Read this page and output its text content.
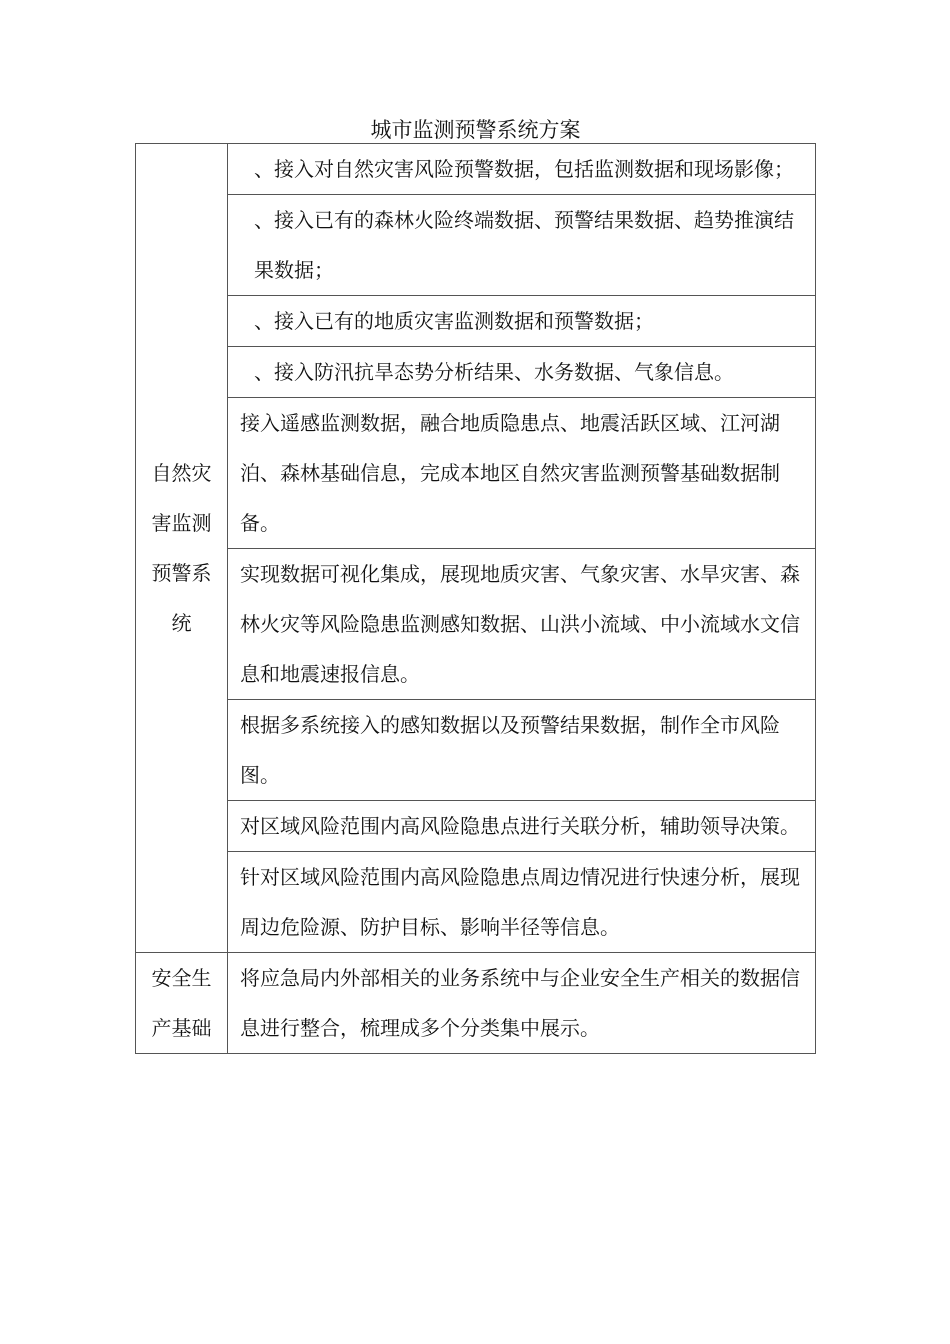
城市监测预警系统方案
自然灾害监测预警系统	、接入对自然灾害风险预警数据，包括监测数据和现场影像；
	、接入已有的森林火险终端数据、预警结果数据、趋势推演结果数据；
	、接入已有的地质灾害监测数据和预警数据；
	、接入防汛抗旱态势分析结果、水务数据、气象信息。
	接入遥感监测数据，融合地质隐患点、地震活跃区域、江河湖泊、森林基础信息，完成本地区自然灾害监测预警基础数据制备。
	实现数据可视化集成，展现地质灾害、气象灾害、水旱灾害、森林火灾等风险隐患监测感知数据、山洪小流域、中小流域水文信息和地震速报信息。
	根据多系统接入的感知数据以及预警结果数据，制作全市风险图。
	对区域风险范围内高风险隐患点进行关联分析，辅助领导决策。
	针对区域风险范围内高风险隐患点周边情况进行快速分析，展现周边危险源、防护目标、影响半径等信息。

安全生产基础	将应急局内外部相关的业务系统中与企业安全生产相关的数据信息进行整合，梳理成多个分类集中展示。
